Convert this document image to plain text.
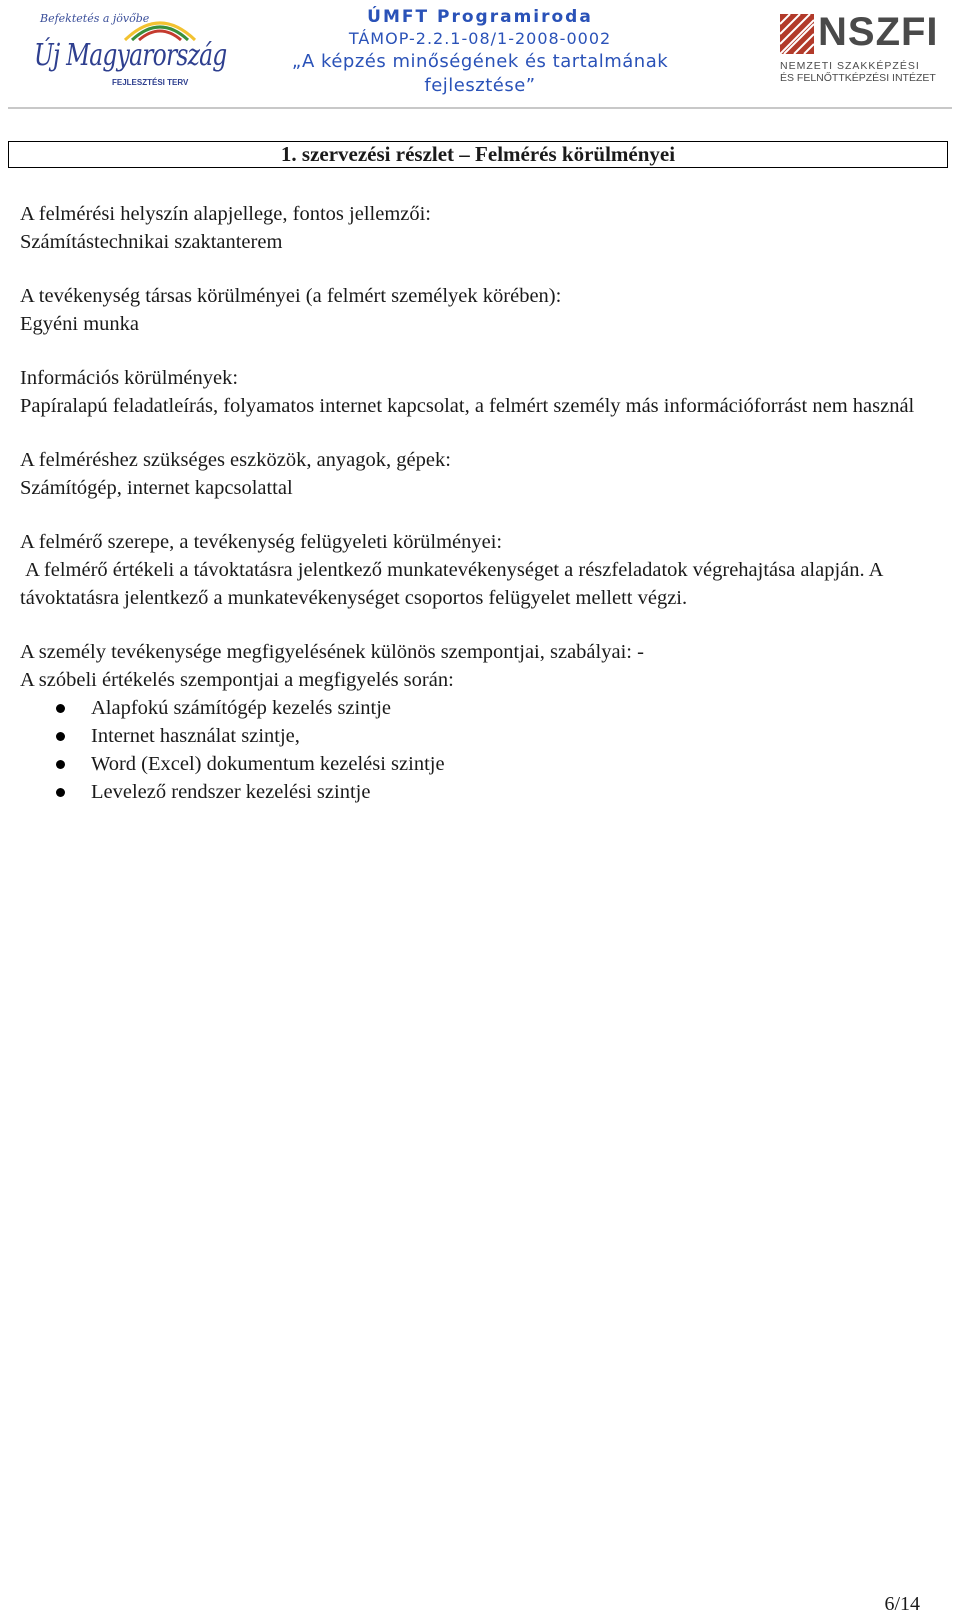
Befektetés a jövőbe
Új Magyarország
FEJLESZTÉSI TERV
ÚMFT Programiroda
TÁMOP-2.2.1-08/1-2008-0002
„A képzés minőségének és tartalmának
fejlesztése”
NSZFI
NEMZETI SZAKKÉPZÉSI
ÉS FELNŐTTKÉPZÉSI INTÉZET
1. szervezési részlet – Felmérés körülményei

A felmérési helyszín alapjellege, fontos jellemzői:

Számítástechnikai szaktanterem

A tevékenység társas körülményei (a felmért személyek körében):

Egyéni munka

Információs körülmények:

Papíralapú feladatleírás, folyamatos internet kapcsolat, a felmért személy más információforrást nem használ

A felméréshez szükséges eszközök, anyagok, gépek:

Számítógép, internet kapcsolattal

A felmérő szerepe, a tevékenység felügyeleti körülményei:

A felmérő értékeli a távoktatásra jelentkező munkatevékenységet a részfeladatok végrehajtása alapján. A távoktatásra jelentkező a munkatevékenységet csoportos felügyelet mellett végzi.

A személy tevékenysége megfigyelésének különös szempontjai, szabályai: -

A szóbeli értékelés szempontjai a megfigyelés során:

Alapfokú számítógép kezelés szintje
Internet használat szintje,
Word (Excel) dokumentum kezelési szintje
Levelező rendszer kezelési szintje
6/14
